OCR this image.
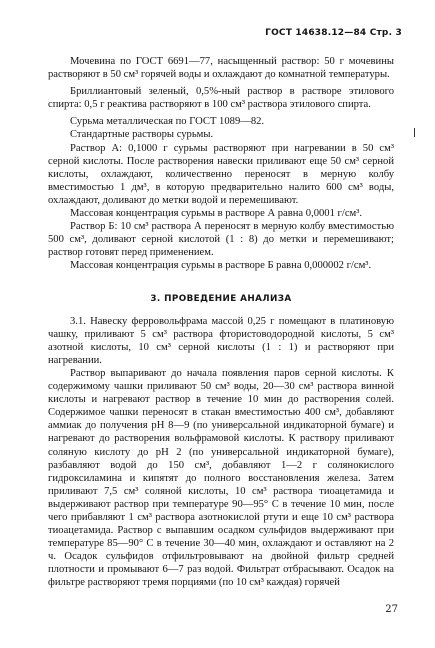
ГОСТ 14638.12—84 Стр. 3

Мочевина по ГОСТ 6691—77, насыщенный раствор: 50 г мочевины растворяют в 50 см³ горячей воды и охлаждают до комнатной температуры.

Бриллиантовый зеленый, 0,5%-ный раствор в растворе этилового спирта: 0,5 г реактива растворяют в 100 см³ раствора этилового спирта.

Сурьма металлическая по ГОСТ 1089—82.

Стандартные растворы сурьмы.

Раствор А: 0,1000 г сурьмы растворяют при нагревании в 50 см³ серной кислоты. После растворения навески приливают еще 50 см³ серной кислоты, охлаждают, количественно переносят в мерную колбу вместимостью 1 дм³, в которую предварительно налито 600 см³ воды, охлаждают, доливают до метки водой и перемешивают.

Массовая концентрация сурьмы в растворе А равна 0,0001 г/см³.

Раствор Б: 10 см³ раствора А переносят в мерную колбу вместимостью 500 см³, доливают серной кислотой (1 : 8) до метки и перемешивают; раствор готовят перед применением.

Массовая концентрация сурьмы в растворе Б равна 0,000002 г/см³.

3. ПРОВЕДЕНИЕ АНАЛИЗА

3.1. Навеску ферровольфрама массой 0,25 г помещают в платиновую чашку, приливают 5 см³ раствора фтористоводородной кислоты, 5 см³ азотной кислоты, 10 см³ серной кислоты (1 : 1) и растворяют при нагревании.

Раствор выпаривают до начала появления паров серной кислоты. К содержимому чашки приливают 50 см³ воды, 20—30 см³ раствора винной кислоты и нагревают раствор в течение 10 мин до растворения солей. Содержимое чашки переносят в стакан вместимостью 400 см³, добавляют аммиак до получения pH 8—9 (по универсальной индикаторной бумаге) и нагревают до растворения вольфрамовой кислоты. К раствору приливают соляную кислоту до pH 2 (по универсальной индикаторной бумаге), разбавляют водой до 150 см³, добавляют 1—2 г солянокислого гидроксиламина и кипятят до полного восстановления железа. Затем приливают 7,5 см³ соляной кислоты, 10 см³ раствора тиоацетамида и выдерживают раствор при температуре 90—95° С в течение 10 мин, после чего прибавляют 1 см³ раствора азотнокислой ртути и еще 10 см³ раствора тиоацетамида. Раствор с выпавшим осадком сульфидов выдерживают при температуре 85—90° С в течение 30—40 мин, охлаждают и оставляют на 2 ч. Осадок сульфидов отфильтровывают на двойной фильтр средней плотности и промывают 6—7 раз водой. Фильтрат отбрасывают. Осадок на фильтре растворяют тремя порциями (по 10 см³ каждая) горячей

27
